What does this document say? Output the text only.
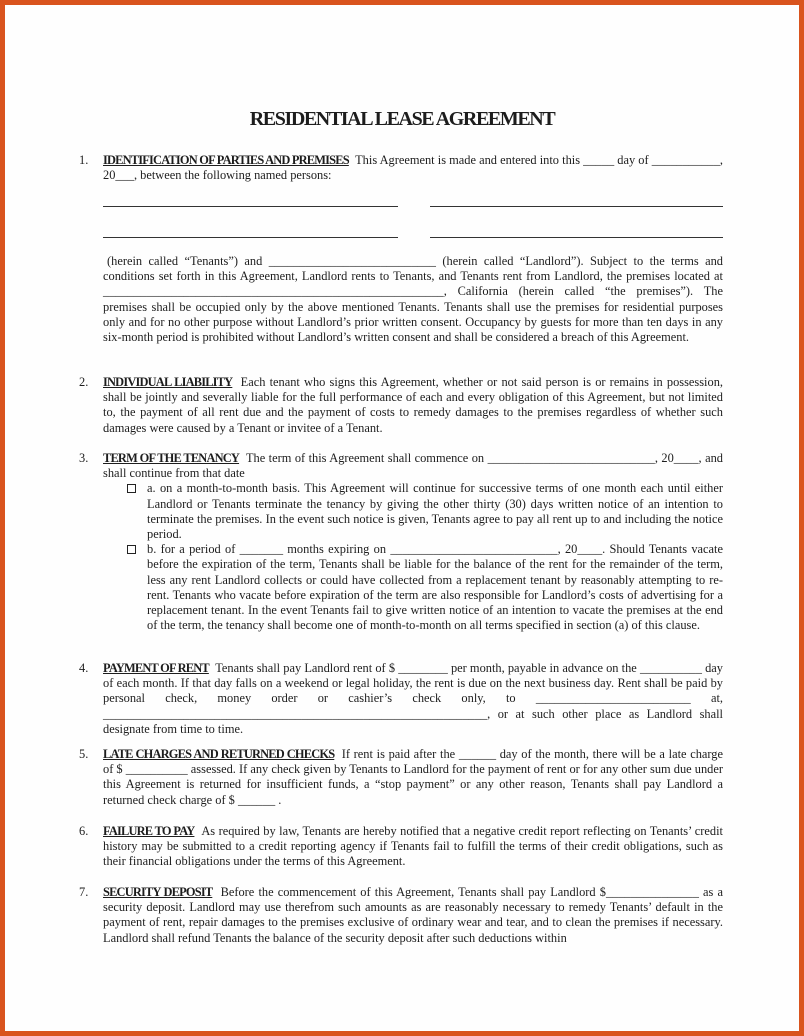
RESIDENTIAL LEASE AGREEMENT
1. IDENTIFICATION OF PARTIES AND PREMISES This Agreement is made and entered into this _____ day of ___________, 20___, between the following named persons:
(herein called “Tenants”) and ___________________________ (herein called “Landlord”). Subject to the terms and conditions set forth in this Agreement, Landlord rents to Tenants, and Tenants rent from Landlord, the premises located at _______________________________________________________, California (herein called “the premises”). The premises shall be occupied only by the above mentioned Tenants. Tenants shall use the premises for residential purposes only and for no other purpose without Landlord’s prior written consent. Occupancy by guests for more than ten days in any six-month period is prohibited without Landlord’s written consent and shall be considered a breach of this Agreement.
2. INDIVIDUAL LIABILITY Each tenant who signs this Agreement, whether or not said person is or remains in possession, shall be jointly and severally liable for the full performance of each and every obligation of this Agreement, but not limited to, the payment of all rent due and the payment of costs to remedy damages to the premises regardless of whether such damages were caused by a Tenant or invitee of a Tenant.
3. TERM OF THE TENANCY The term of this Agreement shall commence on ___________________________, 20____, and shall continue from that date
a. on a month-to-month basis. This Agreement will continue for successive terms of one month each until either Landlord or Tenants terminate the tenancy by giving the other thirty (30) days written notice of an intention to terminate the premises. In the event such notice is given, Tenants agree to pay all rent up to and including the notice period.
b. for a period of _______ months expiring on ___________________________, 20____. Should Tenants vacate before the expiration of the term, Tenants shall be liable for the balance of the rent for the remainder of the term, less any rent Landlord collects or could have collected from a replacement tenant by reasonably attempting to re-rent. Tenants who vacate before expiration of the term are also responsible for Landlord’s costs of advertising for a replacement tenant. In the event Tenants fail to give written notice of an intention to vacate the premises at the end of the term, the tenancy shall become one of month-to-month on all terms specified in section (a) of this clause.
4. PAYMENT OF RENT Tenants shall pay Landlord rent of $ ________ per month, payable in advance on the __________ day of each month. If that day falls on a weekend or legal holiday, the rent is due on the next business day. Rent shall be paid by personal check, money order or cashier’s check only, to _________________________ at, ______________________________________________________________, or at such other place as Landlord shall designate from time to time.
5. LATE CHARGES AND RETURNED CHECKS If rent is paid after the ______ day of the month, there will be a late charge of $ __________ assessed. If any check given by Tenants to Landlord for the payment of rent or for any other sum due under this Agreement is returned for insufficient funds, a “stop payment” or any other reason, Tenants shall pay Landlord a returned check charge of $ ______ .
6. FAILURE TO PAY As required by law, Tenants are hereby notified that a negative credit report reflecting on Tenants’ credit history may be submitted to a credit reporting agency if Tenants fail to fulfill the terms of their credit obligations, such as their financial obligations under the terms of this Agreement.
7. SECURITY DEPOSIT Before the commencement of this Agreement, Tenants shall pay Landlord $_______________ as a security deposit. Landlord may use therefrom such amounts as are reasonably necessary to remedy Tenants’ default in the payment of rent, repair damages to the premises exclusive of ordinary wear and tear, and to clean the premises if necessary. Landlord shall refund Tenants the balance of the security deposit after such deductions within
